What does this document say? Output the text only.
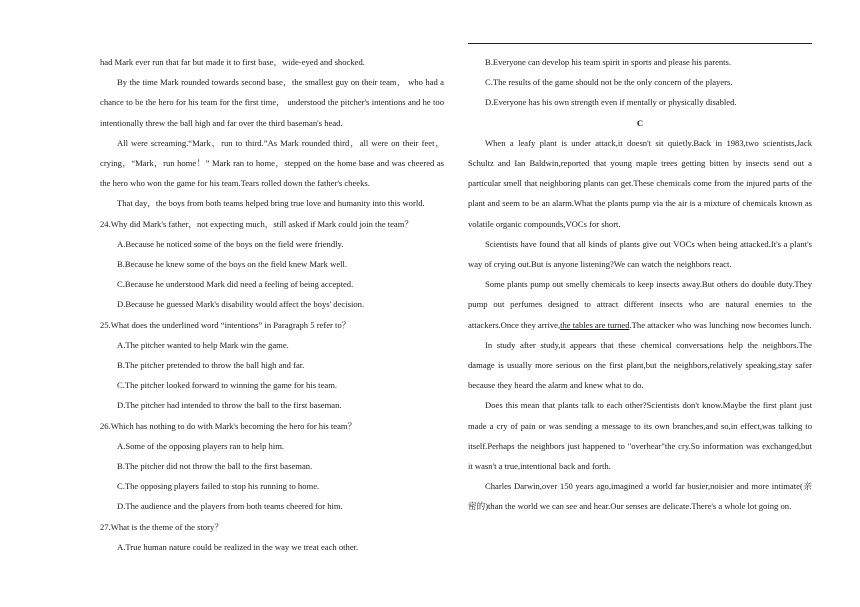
had Mark ever run that far but made it to first base，wide-eyed and shocked.

By the time Mark rounded towards second base，the smallest guy on their team， who had a chance to be the hero for his team for the first time， understood the pitcher's intentions and he too intentionally threw the ball high and far over the third baseman's head.

All were screaming.“Mark，run to third.”As Mark rounded third，all were on their feet，crying，“Mark，run home！” Mark ran to home，stepped on the home base and was cheered as the hero who won the game for his team.Tears rolled down the father's cheeks.

That day，the boys from both teams helped bring true love and humanity into this world.

24.Why did Mark's father，not expecting much，still asked if Mark could join the team？

A.Because he noticed some of the boys on the field were friendly.

B.Because he knew some of the boys on the field knew Mark well.

C.Because he understood Mark did need a feeling of being accepted.

D.Because he guessed Mark's disability would affect the boys' decision.

25.What does the underlined word “intentions” in Paragraph 5 refer to？

A.The pitcher wanted to help Mark win the game.

B.The pitcher pretended to throw the ball high and far.

C.The pitcher looked forward to winning the game for his team.

D.The pitcher had intended to throw the ball to the first baseman.

26.Which has nothing to do with Mark's becoming the hero for his team？

A.Some of the opposing players ran to help him.

B.The pitcher did not throw the ball to the first baseman.

C.The opposing players failed to stop his running to home.

D.The audience and the players from both teams cheered for him.

27.What is the theme of the story？

A.True human nature could be realized in the way we treat each other.

B.Everyone can develop his team spirit in sports and please his parents.

C.The results of the game should not be the only concern of the players.

D.Everyone has his own strength even if mentally or physically disabled.

C

When a leafy plant is under attack,it doesn't sit quietly.Back in 1983,two scientists,Jack Schultz and Ian Baldwin,reported that young maple trees getting bitten by insects send out a particular smell that neighboring plants can get.These chemicals come from the injured parts of the plant and seem to be an alarm.What the plants pump via the air is a mixture of chemicals known as volatile organic compounds,VOCs for short.

Scientists have found that all kinds of plants give out VOCs when being attacked.It's a plant's way of crying out.But is anyone listening?We can watch the neighbors react.

Some plants pump out smelly chemicals to keep insects away.But others do double duty.They pump out perfumes designed to attract different insects who are natural enemies to the attackers.Once they arrive,the tables are turned.The attacker who was lunching now becomes lunch.

In study after study,it appears that these chemical conversations help the neighbors.The damage is usually more serious on the first plant,but the neighbors,relatively speaking,stay safer because they heard the alarm and knew what to do.

Does this mean that plants talk to each other?Scientists don't know.Maybe the first plant just made a cry of pain or was sending a message to its own branches,and so,in effect,was talking to itself.Perhaps the neighbors just happened to "overhear"the cry.So information was exchanged,but it wasn't a true,intentional back and forth.

Charles Darwin,over 150 years ago,imagined a world far busier,noisier and more intimate(亲密的)than the world we can see and hear.Our senses are delicate.There's a whole lot going on.
